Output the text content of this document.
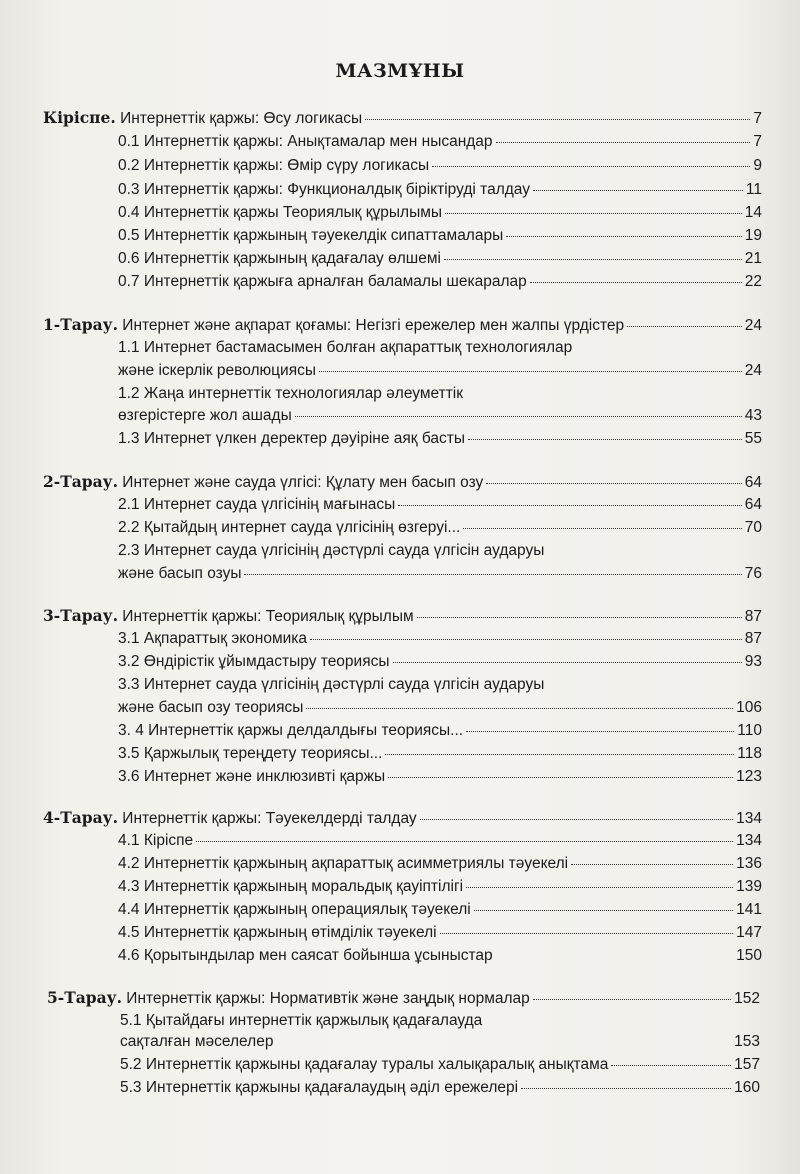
МАЗМҰНЫ
Кіріспе. Интернеттік қаржы: Өсу логикасы	7
0.1 Интернеттік қаржы: Анықтамалар мен нысандар	7
0.2 Интернеттік қаржы: Өмір сүру логикасы	9
0.3 Интернеттік қаржы: Функционалдық біріктіруді талдау	11
0.4 Интернеттік қаржы Теориялық құрылымы	14
0.5 Интернеттік қаржының тәуекелдік сипаттамалары	19
0.6 Интернеттік қаржының қадағалау өлшемі	21
0.7 Интернеттік қаржыға арналған баламалы шекаралар	22
1-Тарау. Интернет және ақпарат қоғамы: Негізгі ережелер мен жалпы үрдістер	24
1.1 Интернет бастамасымен болған ақпараттық технологиялар
және іскерлік революциясы	24
1.2 Жаңа интернеттік технологиялар әлеуметтік
өзгерістерге жол ашады	43
1.3 Интернет үлкен деректер дәуіріне аяқ басты	55
2-Тарау. Интернет және сауда үлгісі: Құлату мен басып озу	64
2.1 Интернет сауда үлгісінің мағынасы	64
2.2 Қытайдың интернет сауда үлгісінің өзгеруі...	70
2.3 Интернет сауда үлгісінің дәстүрлі сауда үлгісін аударуы
және басып озуы	76
3-Тарау. Интернеттік қаржы: Теориялық құрылым	87
3.1 Ақпараттық экономика	87
3.2 Өндірістік ұйымдастыру теориясы	93
3.3 Интернет сауда үлгісінің дәстүрлі сауда үлгісін аударуы
және басып озу теориясы	106
3. 4 Интернеттік қаржы делдалдығы теориясы...	110
3.5 Қаржылық тереңдету теориясы...	118
3.6 Интернет және инклюзивті қаржы	123
4-Тарау. Интернеттік қаржы: Тәуекелдерді талдау	134
4.1 Кіріспе	134
4.2 Интернеттік қаржының ақпараттық асимметриялы тәуекелі	136
4.3 Интернеттік қаржының моральдық қауіптілігі	139
4.4 Интернеттік қаржының операциялық тәуекелі	141
4.5 Интернеттік қаржының өтімділік тәуекелі	147
4.6 Қорытындылар мен саясат бойынша ұсыныстар	150
5-Тарау. Интернеттік қаржы: Нормативтік және заңдық нормалар	152
5.1 Қытайдағы интернеттік қаржылық қадағалауда
сақталған мәселелер	153
5.2 Интернеттік қаржыны қадағалау туралы халықаралық анықтама	157
5.3 Интернеттік қаржыны қадағалаудың әділ ережелері	160
